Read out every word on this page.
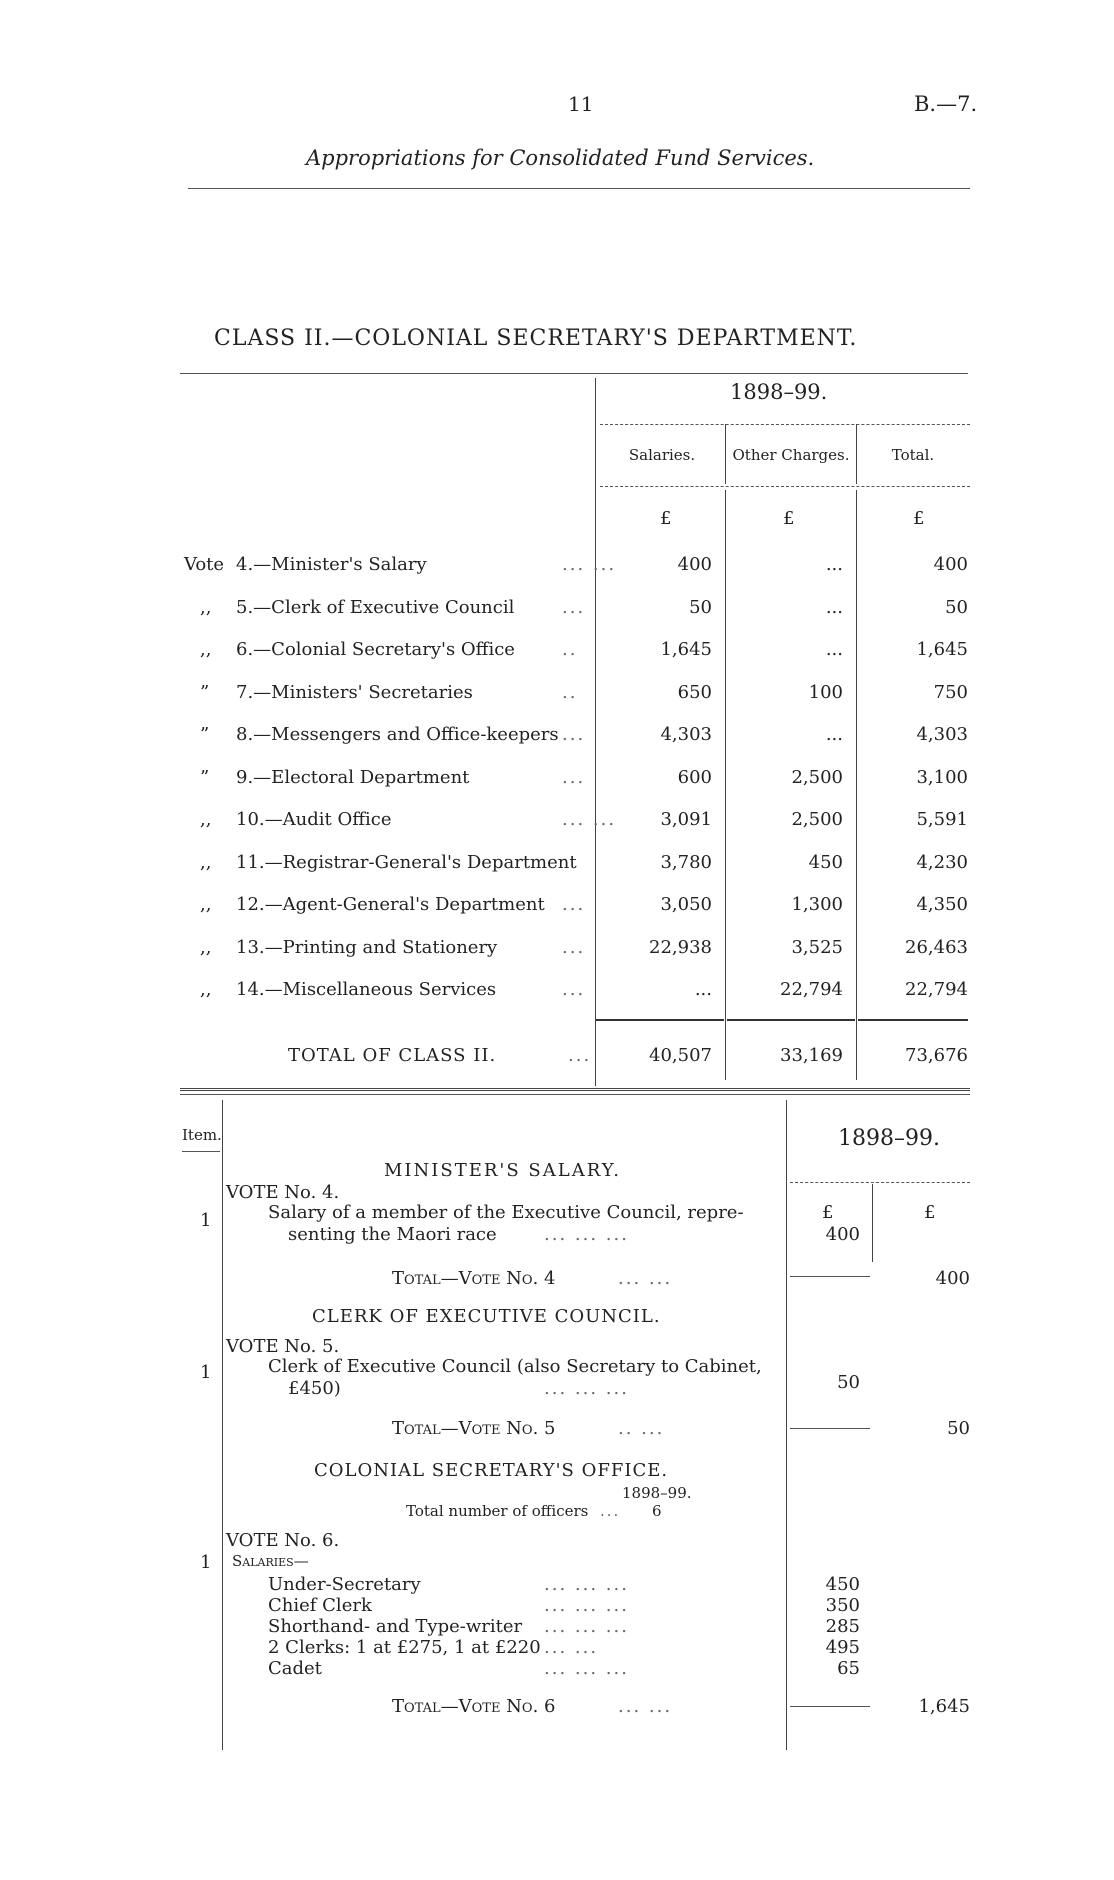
11	B.—7.
Appropriations for Consolidated Fund Services.
CLASS II.—COLONIAL SECRETARY'S DEPARTMENT.
1898–99.
Salaries.	Other Charges.	Total.
£	£	£
Vote 4.—Minister's Salary	... ...	400	...	400
,, 5.—Clerk of Executive Council	...	50	...	50
,, 6.—Colonial Secretary's Office	..	1,645	...	1,645
” 7.—Ministers' Secretaries	..	650	100	750
” 8.—Messengers and Office-keepers ...	4,303	...	4,303
” 9.—Electoral Department	...	600	2,500	3,100
,, 10.—Audit Office	... ...	3,091	2,500	5,591
,, 11.—Registrar-General's Department	3,780	450	4,230
,, 12.—Agent-General's Department ...	3,050	1,300	4,350
,, 13.—Printing and Stationery	...	22,938	3,525	26,463
,, 14.—Miscellaneous Services	...	...	22,794	22,794
TOTAL OF CLASS II.	...	40,507	33,169	73,676
Item.	1898–99.
MINISTER'S SALARY.
VOTE No. 4.
1	Salary of a member of the Executive Council, repre-
senting the Maori race	... ... ...
£	£
400
Total—Vote No. 4	... ...	400
CLERK OF EXECUTIVE COUNCIL.
VOTE No. 5.
1	Clerk of Executive Council (also Secretary to Cabinet,
£450)	... ... ...	50
Total—Vote No. 5	.. ...	50
COLONIAL SECRETARY'S OFFICE.
1898–99.
Total number of officers ... 6
VOTE No. 6.
1 Salaries—
Under-Secretary	... ... ...	450
Chief Clerk	... ... ...	350
Shorthand- and Type-writer ... ... ...	285
2 Clerks: 1 at £275, 1 at £220 ... ...	495
Cadet	... ... ...	65
Total—Vote No. 6	... ...	1,645
